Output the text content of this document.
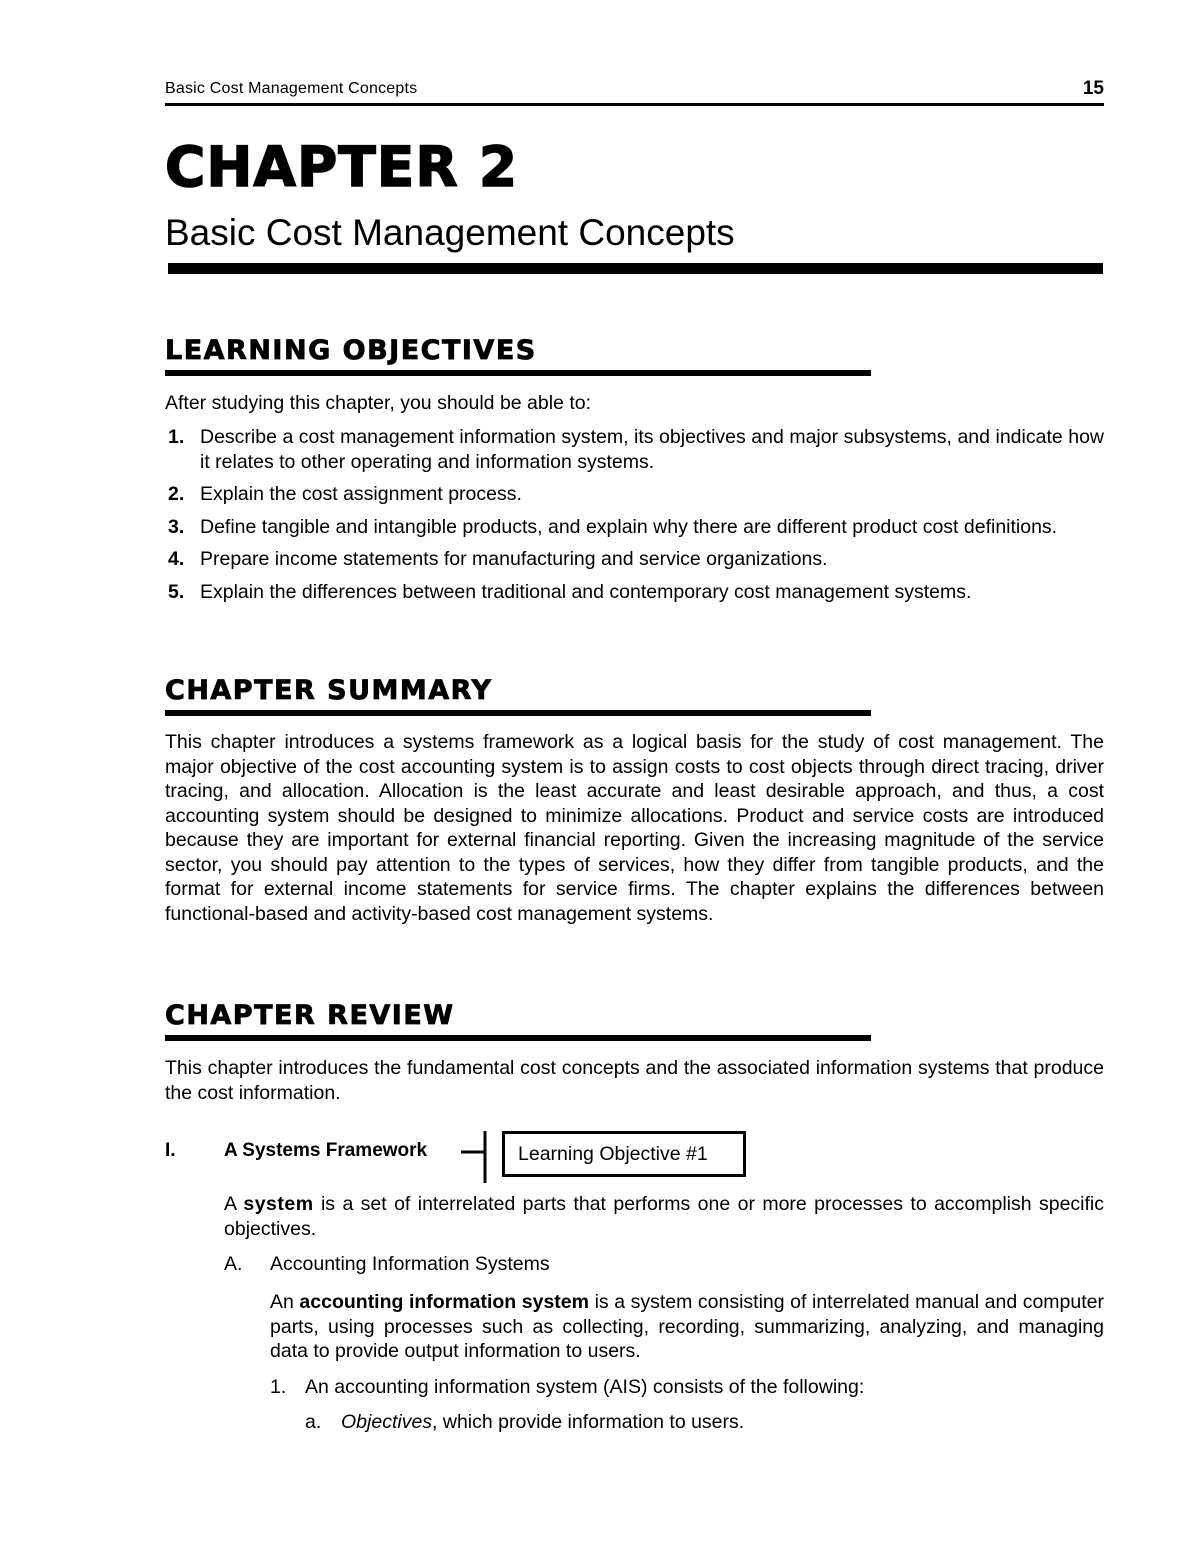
Basic Cost Management Concepts	15
CHAPTER 2
Basic Cost Management Concepts
LEARNING OBJECTIVES
After studying this chapter, you should be able to:
1. Describe a cost management information system, its objectives and major subsystems, and indicate how it relates to other operating and information systems.
2. Explain the cost assignment process.
3. Define tangible and intangible products, and explain why there are different product cost definitions.
4. Prepare income statements for manufacturing and service organizations.
5. Explain the differences between traditional and contemporary cost management systems.
CHAPTER SUMMARY
This chapter introduces a systems framework as a logical basis for the study of cost management. The major objective of the cost accounting system is to assign costs to cost objects through direct tracing, driver tracing, and allocation. Allocation is the least accurate and least desirable approach, and thus, a cost accounting system should be designed to minimize allocations. Product and service costs are introduced because they are important for external financial reporting. Given the increasing magnitude of the service sector, you should pay attention to the types of services, how they differ from tangible products, and the format for external income statements for service firms. The chapter explains the differences between functional-based and activity-based cost management systems.
CHAPTER REVIEW
This chapter introduces the fundamental cost concepts and the associated information systems that produce the cost information.
I.	A Systems Framework	Learning Objective #1
A system is a set of interrelated parts that performs one or more processes to accomplish specific objectives.
A. Accounting Information Systems
An accounting information system is a system consisting of interrelated manual and computer parts, using processes such as collecting, recording, summarizing, analyzing, and managing data to provide output information to users.
1. An accounting information system (AIS) consists of the following:
a. Objectives, which provide information to users.
